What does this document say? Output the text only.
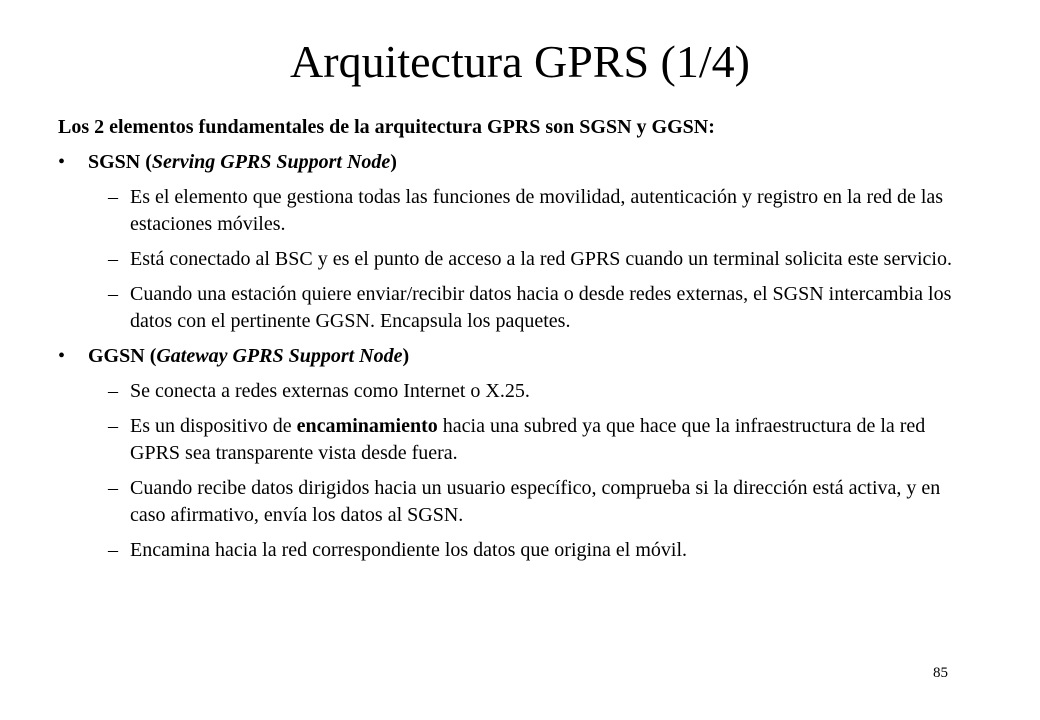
Arquitectura GPRS (1/4)

Los 2 elementos fundamentales de la arquitectura GPRS son SGSN y GGSN:

•	SGSN (Serving GPRS Support Node)
– Es el elemento que gestiona todas las funciones de movilidad, autenticación y registro en la red de las estaciones móviles.
– Está conectado al BSC y es el punto de acceso a la red GPRS cuando un terminal solicita este servicio.
– Cuando una estación quiere enviar/recibir datos hacia o desde redes externas, el SGSN intercambia los datos con el pertinente GGSN. Encapsula los paquetes.
•	GGSN (Gateway GPRS Support Node)
– Se conecta a redes externas como Internet o X.25.
– Es un dispositivo de encaminamiento hacia una subred ya que hace que la infraestructura de la red GPRS sea transparente vista desde fuera.
– Cuando recibe datos dirigidos hacia un usuario específico, comprueba si la dirección está activa, y en caso afirmativo, envía los datos al SGSN.
– Encamina hacia la red correspondiente los datos que origina el móvil.
85
